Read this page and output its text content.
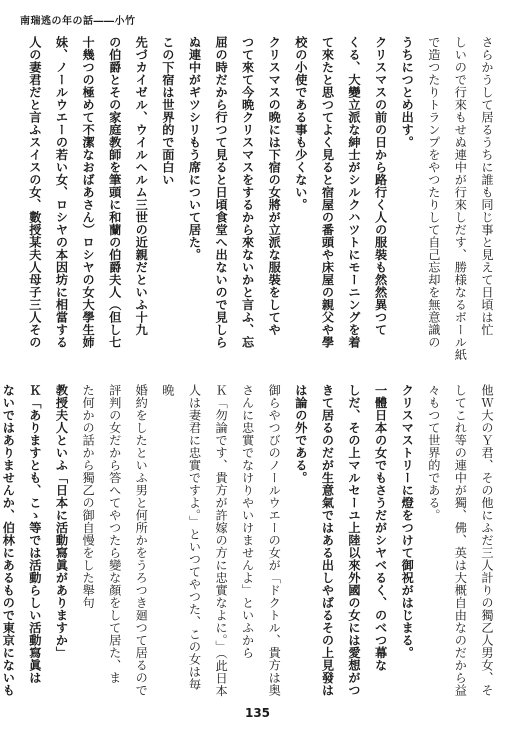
南瑞逃の年の話――小竹
さらかうして居るうちに誰も同じ事と見えて日頃は忙
しいので行來もせぬ連中が行來しだす、勝様なるボール紙
で造つたりトランプをやつたりして自己忘却を無意識の
うちにつとめ出す。
クリスマスの前の日から路行く人の服裝も然然異つて
くる、大變立派な紳士がシルクハツトにモーニングを着
て來たと思つてよく見ると宿屋の番頭や床屋の親父や學
校の小使である事も少くない。
クリスマスの晩には下宿の女將が立派な服裝をしてや
つて來て今晩クリスマスをするから來ないかと言ふ、忘
屈の時だから行つて見ると日頃食堂へ出ないので見しら
ぬ連中がギツシリもう席について居た。
この下宿は世界的で面白い
先づカイゼル、ウイルヘルム三世の近親だといふ十九
の伯爵とその家庭教師を筆頭に和蘭の伯爵夫人（但し七
十幾つの極めて不潔なおばあさん）ロシヤの女大學生姉
妹、ノールウエーの若い女、ロシヤの本因坊に相當する
人の妻君だと言ふスイスの女、數授某夫人母子三人その
他Ｗ大のＹ君、その他にふだ三人計りの獨乙人男女、そ
してこれ等の連中が獨、佛、英は大概自由なのだから益
々もつて世界的である。
クリスマストリーに燈をつけて御祝がはじまる。
一體日本の女でもさうだがシヤベるく、のべつ幕な
しだ、その上マルセーユ上陸以來外國の女には愛想がつ
きて居るのだが生意氣ではある出しやばるその上見發は
は論の外である。
御らやつびのノールウエーの女が「ドクトル、貴方は奥
さんに忠實でなけりやいけませんよ」といふから
Ｋ「勿論です、貴方が許嫁の方に忠實なよに。」（此日本
人は妻君に忠實ですよ。」といつてやつた、この女は毎晩
婚約をしたといふ男と何所かをうろつき廻つて居るので
評判の女だから答へてやつたら變な顏をして居た、ま
た何かの話から獨乙の御自慢をした舉句
教授夫人といふ「日本に活動寫眞がありますか」
Ｋ「ありますとも、こゝ等では活動らしい活動寫眞は
ないではありませんか、伯林にあるもので東京にないも
135
